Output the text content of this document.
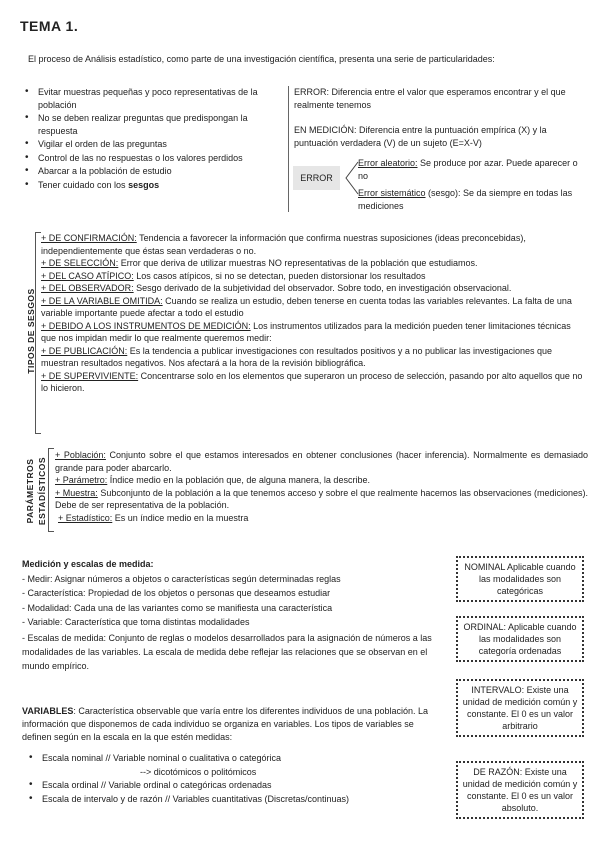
TEMA 1.
El proceso de Análisis estadístico, como parte de una investigación científica, presenta una serie de particularidades:
• Evitar muestras pequeñas y poco representativas de la población
• No se deben realizar preguntas que predispongan la respuesta
• Vigilar el orden de las preguntas
• Control de las no respuestas o los valores perdidos
• Abarcar a la población de estudio
• Tener cuidado con los sesgos
ERROR: Diferencia entre el valor que esperamos encontrar y el que realmente tenemos
EN MEDICIÓN: Diferencia entre la puntuación empírica (X) y la puntuación verdadera (V) de un sujeto (E=X-V)
ERROR
Error aleatorio: Se produce por azar. Puede aparecer o no
Error sistemático (sesgo): Se da siempre en todas las mediciones
TIPOS DE SESGOS

+ DE CONFIRMACIÓN: Tendencia a favorecer la información que confirma nuestras suposiciones (ideas preconcebidas), independientemente que éstas sean verdaderas o no.

+ DE SELECCIÓN: Error que deriva de utilizar muestras NO representativas de la población que estudiamos.

+ DEL CASO ATÍPICO: Los casos atípicos, si no se detectan, pueden distorsionar los resultados

+ DEL OBSERVADOR: Sesgo derivado de la subjetividad del observador. Sobre todo, en investigación observacional.

+ DE LA VARIABLE OMITIDA: Cuando se realiza un estudio, deben tenerse en cuenta todas las variables relevantes. La falta de una variable importante puede afectar a todo el estudio

+ DEBIDO A LOS INSTRUMENTOS DE MEDICIÓN: Los instrumentos utilizados para la medición pueden tener limitaciones técnicas que nos impidan medir lo que realmente queremos medir:

+ DE PUBLICACIÓN: Es la tendencia a publicar investigaciones con resultados positivos y a no publicar las investigaciones que muestran resultados negativos. Nos afectará a la hora de la revisión bibliográfica.

+ DE SUPERVIVIENTE: Concentrarse solo en los elementos que superaron un proceso de selección, pasando por alto aquellos que no lo hicieron.

PARÁMETROS ESTADÍSTICOS

+ Población: Conjunto sobre el que estamos interesados en obtener conclusiones (hacer inferencia). Normalmente es demasiado grande para poder abarcarlo.

+ Parámetro: Índice medio en la población que, de alguna manera, la describe.

+ Muestra: Subconjunto de la población a la que tenemos acceso y sobre el que realmente hacemos las observaciones (mediciones). Debe de ser representativa de la población.

+ Estadístico: Es un índice medio en la muestra

Medición y escalas de medida:
- Medir: Asignar números a objetos o características según determinadas reglas
- Característica: Propiedad de los objetos o personas que deseamos estudiar
- Modalidad: Cada una de las variantes como se manifiesta una característica
- Variable: Característica que toma distintas modalidades
- Escalas de medida: Conjunto de reglas o modelos desarrollados para la asignación de números a las modalidades de las variables. La escala de medida debe reflejar las relaciones que se observan en el mundo empírico.
VARIABLES: Característica observable que varía entre los diferentes individuos de una población. La información que disponemos de cada individuo se organiza en variables. Los tipos de variables se definen según en la escala en la que estén medidas:
• Escala nominal // Variable nominal o cualitativa o categórica
--> dicotómicos o politómicos
• Escala ordinal // Variable ordinal o categóricas ordenadas
• Escala de intervalo y de razón // Variables cuantitativas (Discretas/continuas)
NOMINAL Aplicable cuando las modalidades son categóricas
ORDINAL: Aplicable cuando las modalidades son categoría ordenadas
INTERVALO: Existe una unidad de medición común y constante. El 0 es un valor arbitrario
DE RAZÓN: Existe una unidad de medición común y constante. El 0 es un valor absoluto.
